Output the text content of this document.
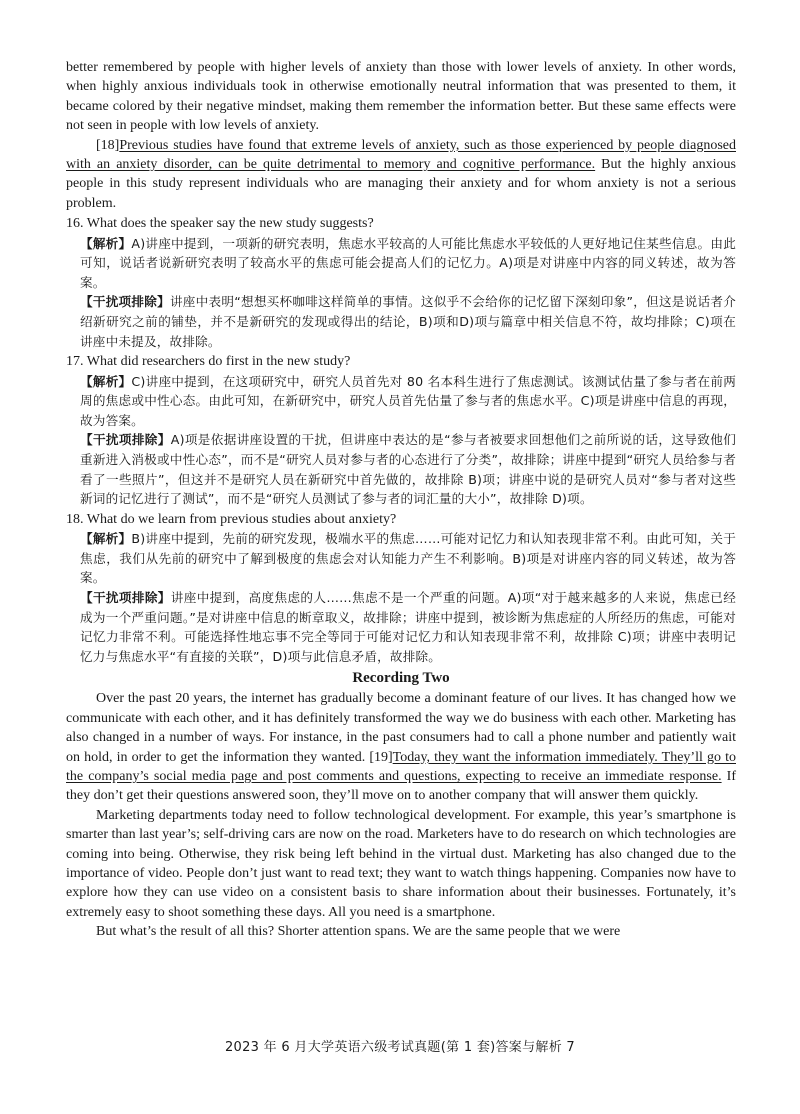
better remembered by people with higher levels of anxiety than those with lower levels of anxiety. In other words, when highly anxious individuals took in otherwise emotionally neutral information that was presented to them, it became colored by their negative mindset, making them remember the information better. But these same effects were not seen in people with low levels of anxiety.

[18]Previous studies have found that extreme levels of anxiety, such as those experienced by people diagnosed with an anxiety disorder, can be quite detrimental to memory and cognitive performance. But the highly anxious people in this study represent individuals who are managing their anxiety and for whom anxiety is not a serious problem.

16. What does the speaker say the new study suggests?

【解析】A)讲座中提到，一项新的研究表明，焦虑水平较高的人可能比焦虑水平较低的人更好地记住某些信息。由此可知，说话者说新研究表明了较高水平的焦虑可能会提高人们的记忆力。A)项是对讲座中内容的同义转述，故为答案。

【干扰项排除】讲座中表明“想想买杯咖啡这样简单的事情。这似乎不会给你的记忆留下深刻印象”，但这是说话者介绍新研究之前的铺垫，并不是新研究的发现或得出的结论，B)项和D)项与篇章中相关信息不符，故均排除；C)项在讲座中未提及，故排除。

17. What did researchers do first in the new study?

【解析】C)讲座中提到，在这项研究中，研究人员首先对 80 名本科生进行了焦虑测试。该测试估量了参与者在前两周的焦虑或中性心态。由此可知，在新研究中，研究人员首先估量了参与者的焦虑水平。C)项是讲座中信息的再现，故为答案。

【干扰项排除】A)项是依据讲座设置的干扰，但讲座中表达的是“参与者被要求回想他们之前所说的话，这导致他们重新进入消极或中性心态”，而不是“研究人员对参与者的心态进行了分类”，故排除；讲座中提到“研究人员给参与者看了一些照片”，但这并不是研究人员在新研究中首先做的，故排除 B)项；讲座中说的是研究人员对“参与者对这些新词的记忆进行了测试”，而不是“研究人员测试了参与者的词汇量的大小”，故排除 D)项。

18. What do we learn from previous studies about anxiety?

【解析】B)讲座中提到，先前的研究发现，极端水平的焦虑……可能对记忆力和认知表现非常不利。由此可知，关于焦虑，我们从先前的研究中了解到极度的焦虑会对认知能力产生不利影响。B)项是对讲座内容的同义转述，故为答案。

【干扰项排除】讲座中提到，高度焦虑的人……焦虑不是一个严重的问题。A)项“对于越来越多的人来说，焦虑已经成为一个严重问题。”是对讲座中信息的断章取义，故排除；讲座中提到，被诊断为焦虑症的人所经历的焦虑，可能对记忆力非常不利。可能选择性地忘事不完全等同于可能对记忆力和认知表现非常不利，故排除 C)项；讲座中表明记忆力与焦虑水平“有直接的关联”，D)项与此信息矛盾，故排除。

Recording Two

Over the past 20 years, the internet has gradually become a dominant feature of our lives. It has changed how we communicate with each other, and it has definitely transformed the way we do business with each other. Marketing has also changed in a number of ways. For instance, in the past consumers had to call a phone number and patiently wait on hold, in order to get the information they wanted. [19]Today, they want the information immediately. They’ll go to the company’s social media page and post comments and questions, expecting to receive an immediate response. If they don’t get their questions answered soon, they’ll move on to another company that will answer them quickly.

Marketing departments today need to follow technological development. For example, this year’s smartphone is smarter than last year’s; self-driving cars are now on the road. Marketers have to do research on which technologies are coming into being. Otherwise, they risk being left behind in the virtual dust. Marketing has also changed due to the importance of video. People don’t just want to read text; they want to watch things happening. Companies now have to explore how they can use video on a consistent basis to share information about their businesses. Fortunately, it’s extremely easy to shoot something these days. All you need is a smartphone.

But what’s the result of all this? Shorter attention spans. We are the same people that we were

2023 年 6 月大学英语六级考试真题(第 1 套)答案与解析 7
